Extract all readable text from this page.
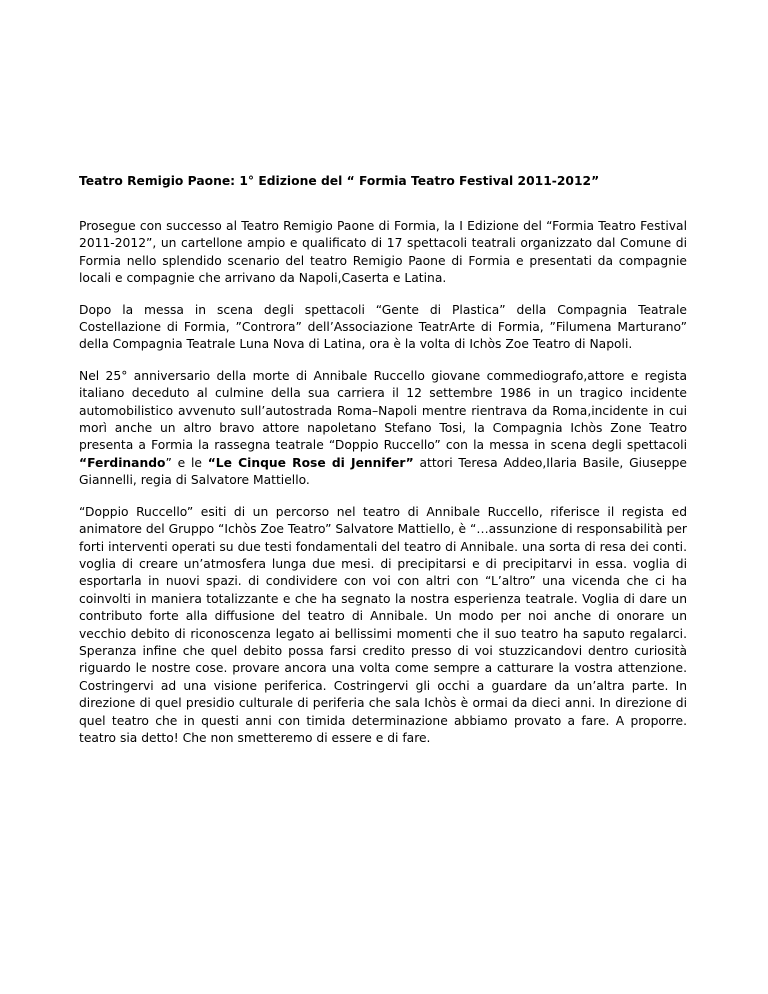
Teatro Remigio Paone: 1° Edizione del “ Formia Teatro Festival 2011-2012”

Prosegue con successo al Teatro Remigio Paone di Formia, la I Edizione del “Formia Teatro Festival 2011-2012”, un cartellone ampio e qualificato di 17 spettacoli teatrali organizzato dal Comune di Formia nello splendido scenario del teatro Remigio Paone di Formia e presentati da compagnie locali e compagnie che arrivano da Napoli,Caserta e Latina.

Dopo la messa in scena degli spettacoli “Gente di Plastica” della Compagnia Teatrale Costellazione di Formia, ”Controra” dell’Associazione TeatrArte di Formia, ”Filumena Marturano” della Compagnia Teatrale Luna Nova di Latina, ora è la volta di Ichòs Zoe Teatro di Napoli.

Nel 25° anniversario della morte di Annibale Ruccello giovane commediografo,attore e regista italiano deceduto al culmine della sua carriera il 12 settembre 1986 in un tragico incidente automobilistico avvenuto sull’autostrada Roma–Napoli mentre rientrava da Roma,incidente in cui morì anche un altro bravo attore napoletano Stefano Tosi, la Compagnia Ichòs Zone Teatro presenta a Formia la rassegna teatrale “Doppio Ruccello” con la messa in scena degli spettacoli “Ferdinando” e le “Le Cinque Rose di Jennifer” attori Teresa Addeo,Ilaria Basile, Giuseppe Giannelli, regia di Salvatore Mattiello.

“Doppio Ruccello” esiti di un percorso nel teatro di Annibale Ruccello, riferisce il regista ed animatore del Gruppo “Ichòs Zoe Teatro” Salvatore Mattiello, è “…assunzione di responsabilità per forti interventi operati su due testi fondamentali del teatro di Annibale. una sorta di resa dei conti. voglia di creare un’atmosfera lunga due mesi. di precipitarsi e di precipitarvi in essa. voglia di esportarla in nuovi spazi. di condividere con voi con altri con “L’altro” una vicenda che ci ha coinvolti in maniera totalizzante e che ha segnato la nostra esperienza teatrale. Voglia di dare un contributo forte alla diffusione del teatro di Annibale. Un modo per noi anche di onorare un vecchio debito di riconoscenza legato ai bellissimi momenti che il suo teatro ha saputo regalarci. Speranza infine che quel debito possa farsi credito presso di voi stuzzicandovi dentro curiosità riguardo le nostre cose. provare ancora una volta come sempre a catturare la vostra attenzione. Costringervi ad una visione periferica. Costringervi gli occhi a guardare da un’altra parte. In direzione di quel presidio culturale di periferia che sala Ichòs è ormai da dieci anni. In direzione di quel teatro che in questi anni con timida determinazione abbiamo provato a fare. A proporre. teatro sia detto! Che non smetteremo di essere e di fare.
